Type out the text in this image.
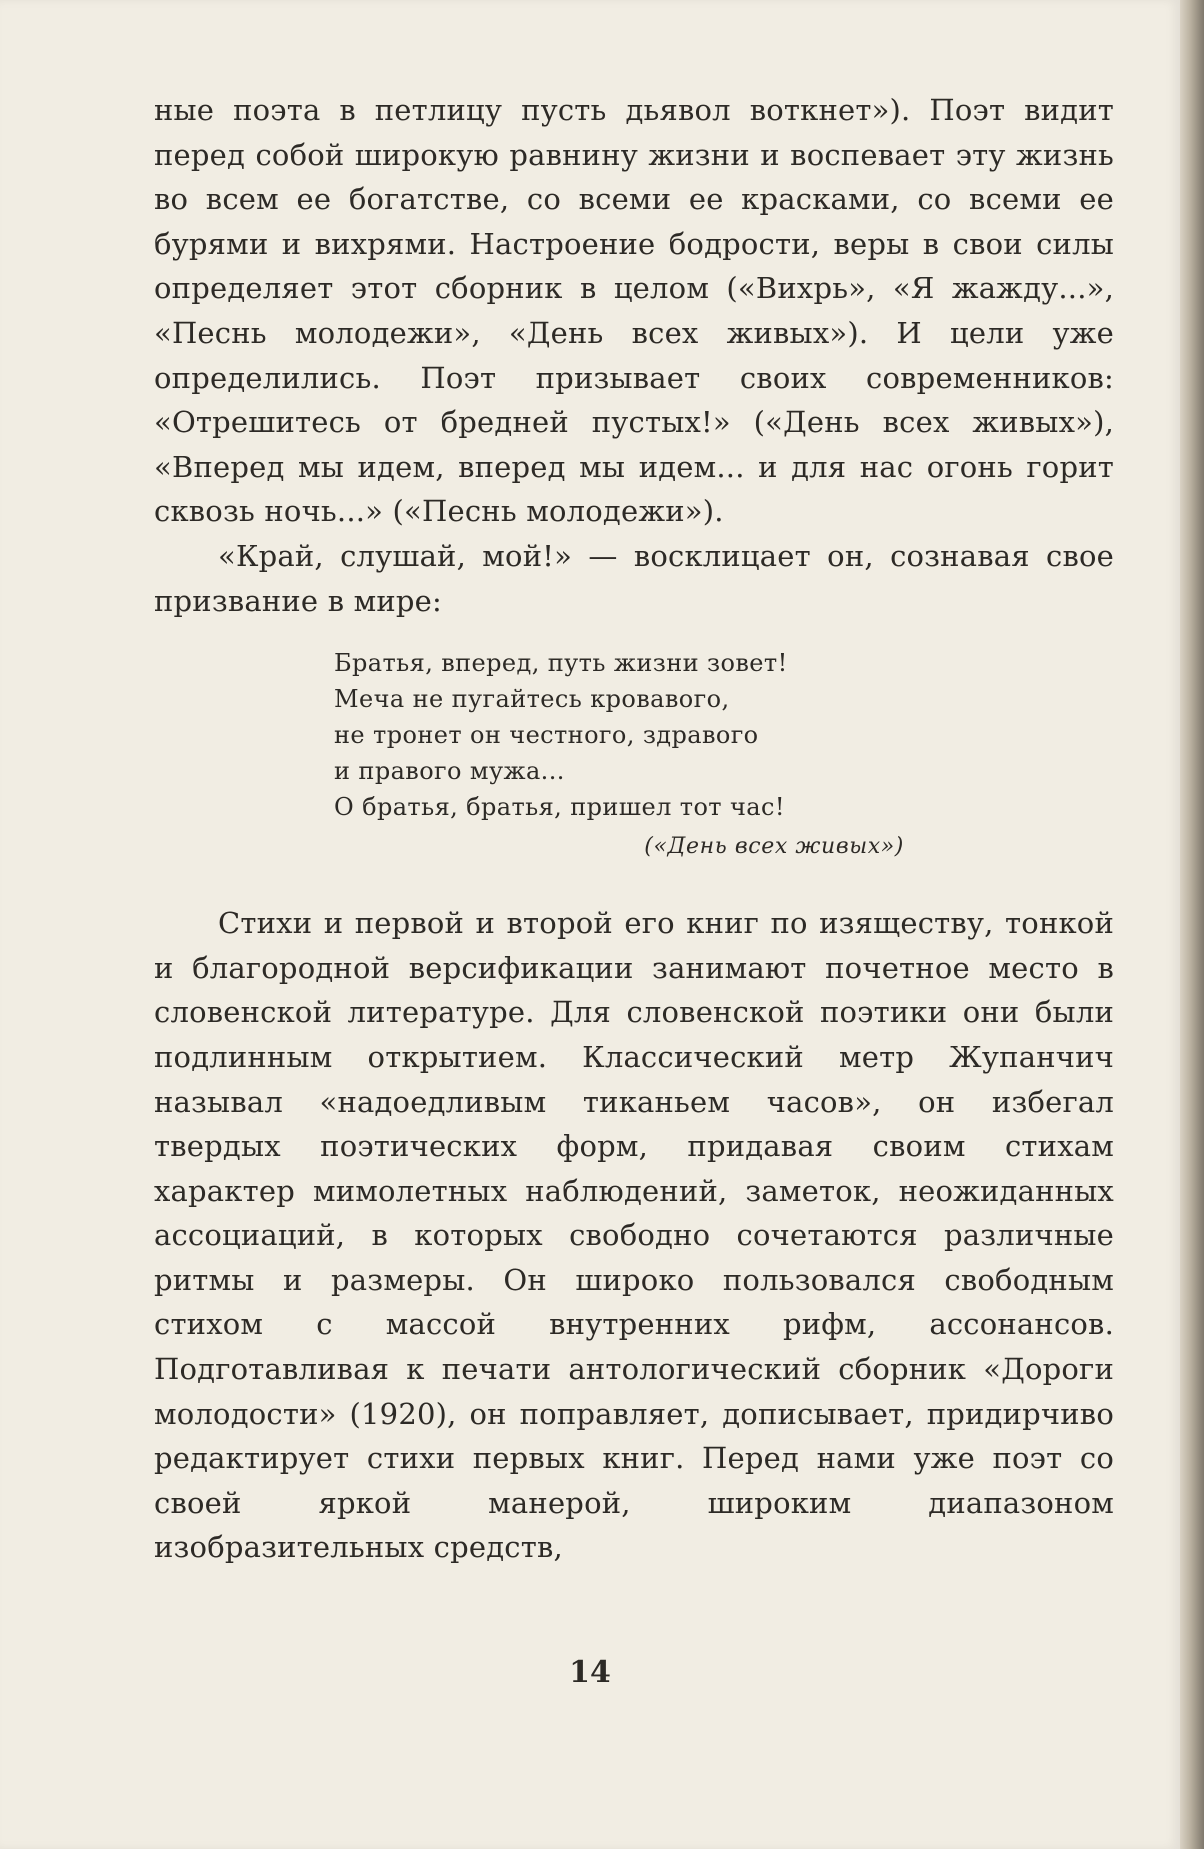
ные поэта в петлицу пусть дьявол воткнет»). Поэт видит перед собой широкую равнину жизни и воспевает эту жизнь во всем ее богатстве, со всеми ее красками, со всеми ее бурями и вихрями. Настроение бодрости, веры в свои силы определяет этот сборник в целом («Вихрь», «Я жажду...», «Песнь молодежи», «День всех живых»). И цели уже определились. Поэт призывает своих современников: «Отрешитесь от бредней пустых!» («День всех живых»), «Вперед мы идем, вперед мы идем... и для нас огонь горит сквозь ночь...» («Песнь молодежи»).

«Край, слушай, мой!» — восклицает он, сознавая свое призвание в мире:

Братья, вперед, путь жизни зовет!
Меча не пугайтесь кровавого,
не тронет он честного, здравого
и правого мужа...
О братья, братья, пришел тот час!
(«День всех живых»)

Стихи и первой и второй его книг по изяществу, тонкой и благородной версификации занимают почетное место в словенской литературе. Для словенской поэтики они были подлинным открытием. Классический метр Жупанчич называл «надоедливым тиканьем часов», он избегал твердых поэтических форм, придавая своим стихам характер мимолетных наблюдений, заметок, неожиданных ассоциаций, в которых свободно сочетаются различные ритмы и размеры. Он широко пользовался свободным стихом с массой внутренних рифм, ассонансов. Подготавливая к печати антологический сборник «Дороги молодости» (1920), он поправляет, дописывает, придирчиво редактирует стихи первых книг. Перед нами уже поэт со своей яркой манерой, широким диапазоном изобразительных средств,

14
